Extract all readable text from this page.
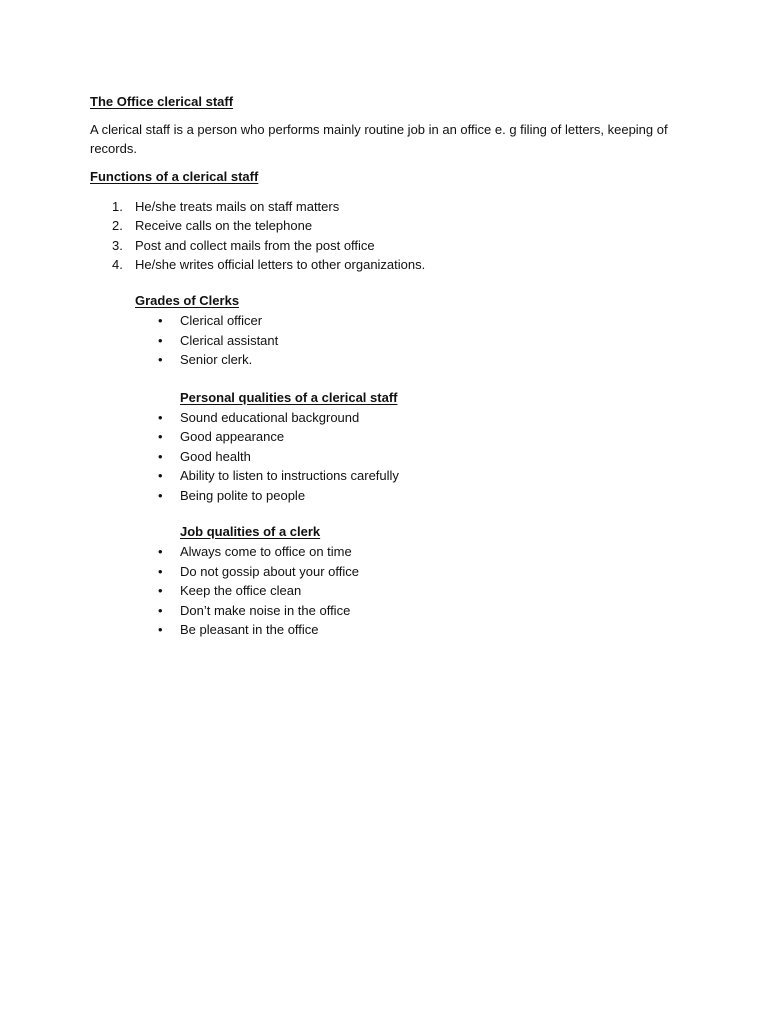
The Office clerical staff

A clerical staff is a person who performs mainly routine job in an office e. g filing of letters, keeping of records.

Functions of a clerical staff

1. He/she treats mails on staff matters
2. Receive calls on the telephone
3. Post and collect mails from the post office
4. He/she writes official letters to other organizations.
Grades of Clerks
• Clerical officer
• Clerical assistant
• Senior clerk.
Personal qualities of a clerical staff
• Sound educational background
• Good appearance
• Good health
• Ability to listen to instructions carefully
• Being polite to people
Job qualities of a clerk
• Always come to office on time
• Do not gossip about your office
• Keep the office clean
• Don’t make noise in the office
• Be pleasant in the office
